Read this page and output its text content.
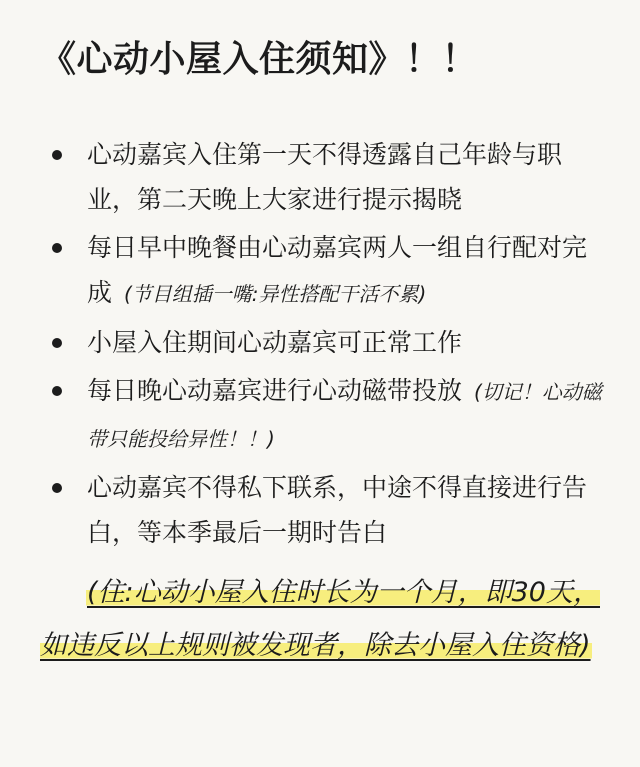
《心动小屋入住须知》！！
心动嘉宾入住第一天不得透露自己年龄与职业，第二天晚上大家进行提示揭晓
每日早中晚餐由心动嘉宾两人一组自行配对完成 (节目组插一嘴:异性搭配干活不累)
小屋入住期间心动嘉宾可正常工作
每日晚心动嘉宾进行心动磁带投放 (切记！心动磁带只能投给异性！！)
心动嘉宾不得私下联系，中途不得直接进行告白，等本季最后一期时告白
(住:心动小屋入住时长为一个月，即30天，如违反以上规则被发现者，除去小屋入住资格)
